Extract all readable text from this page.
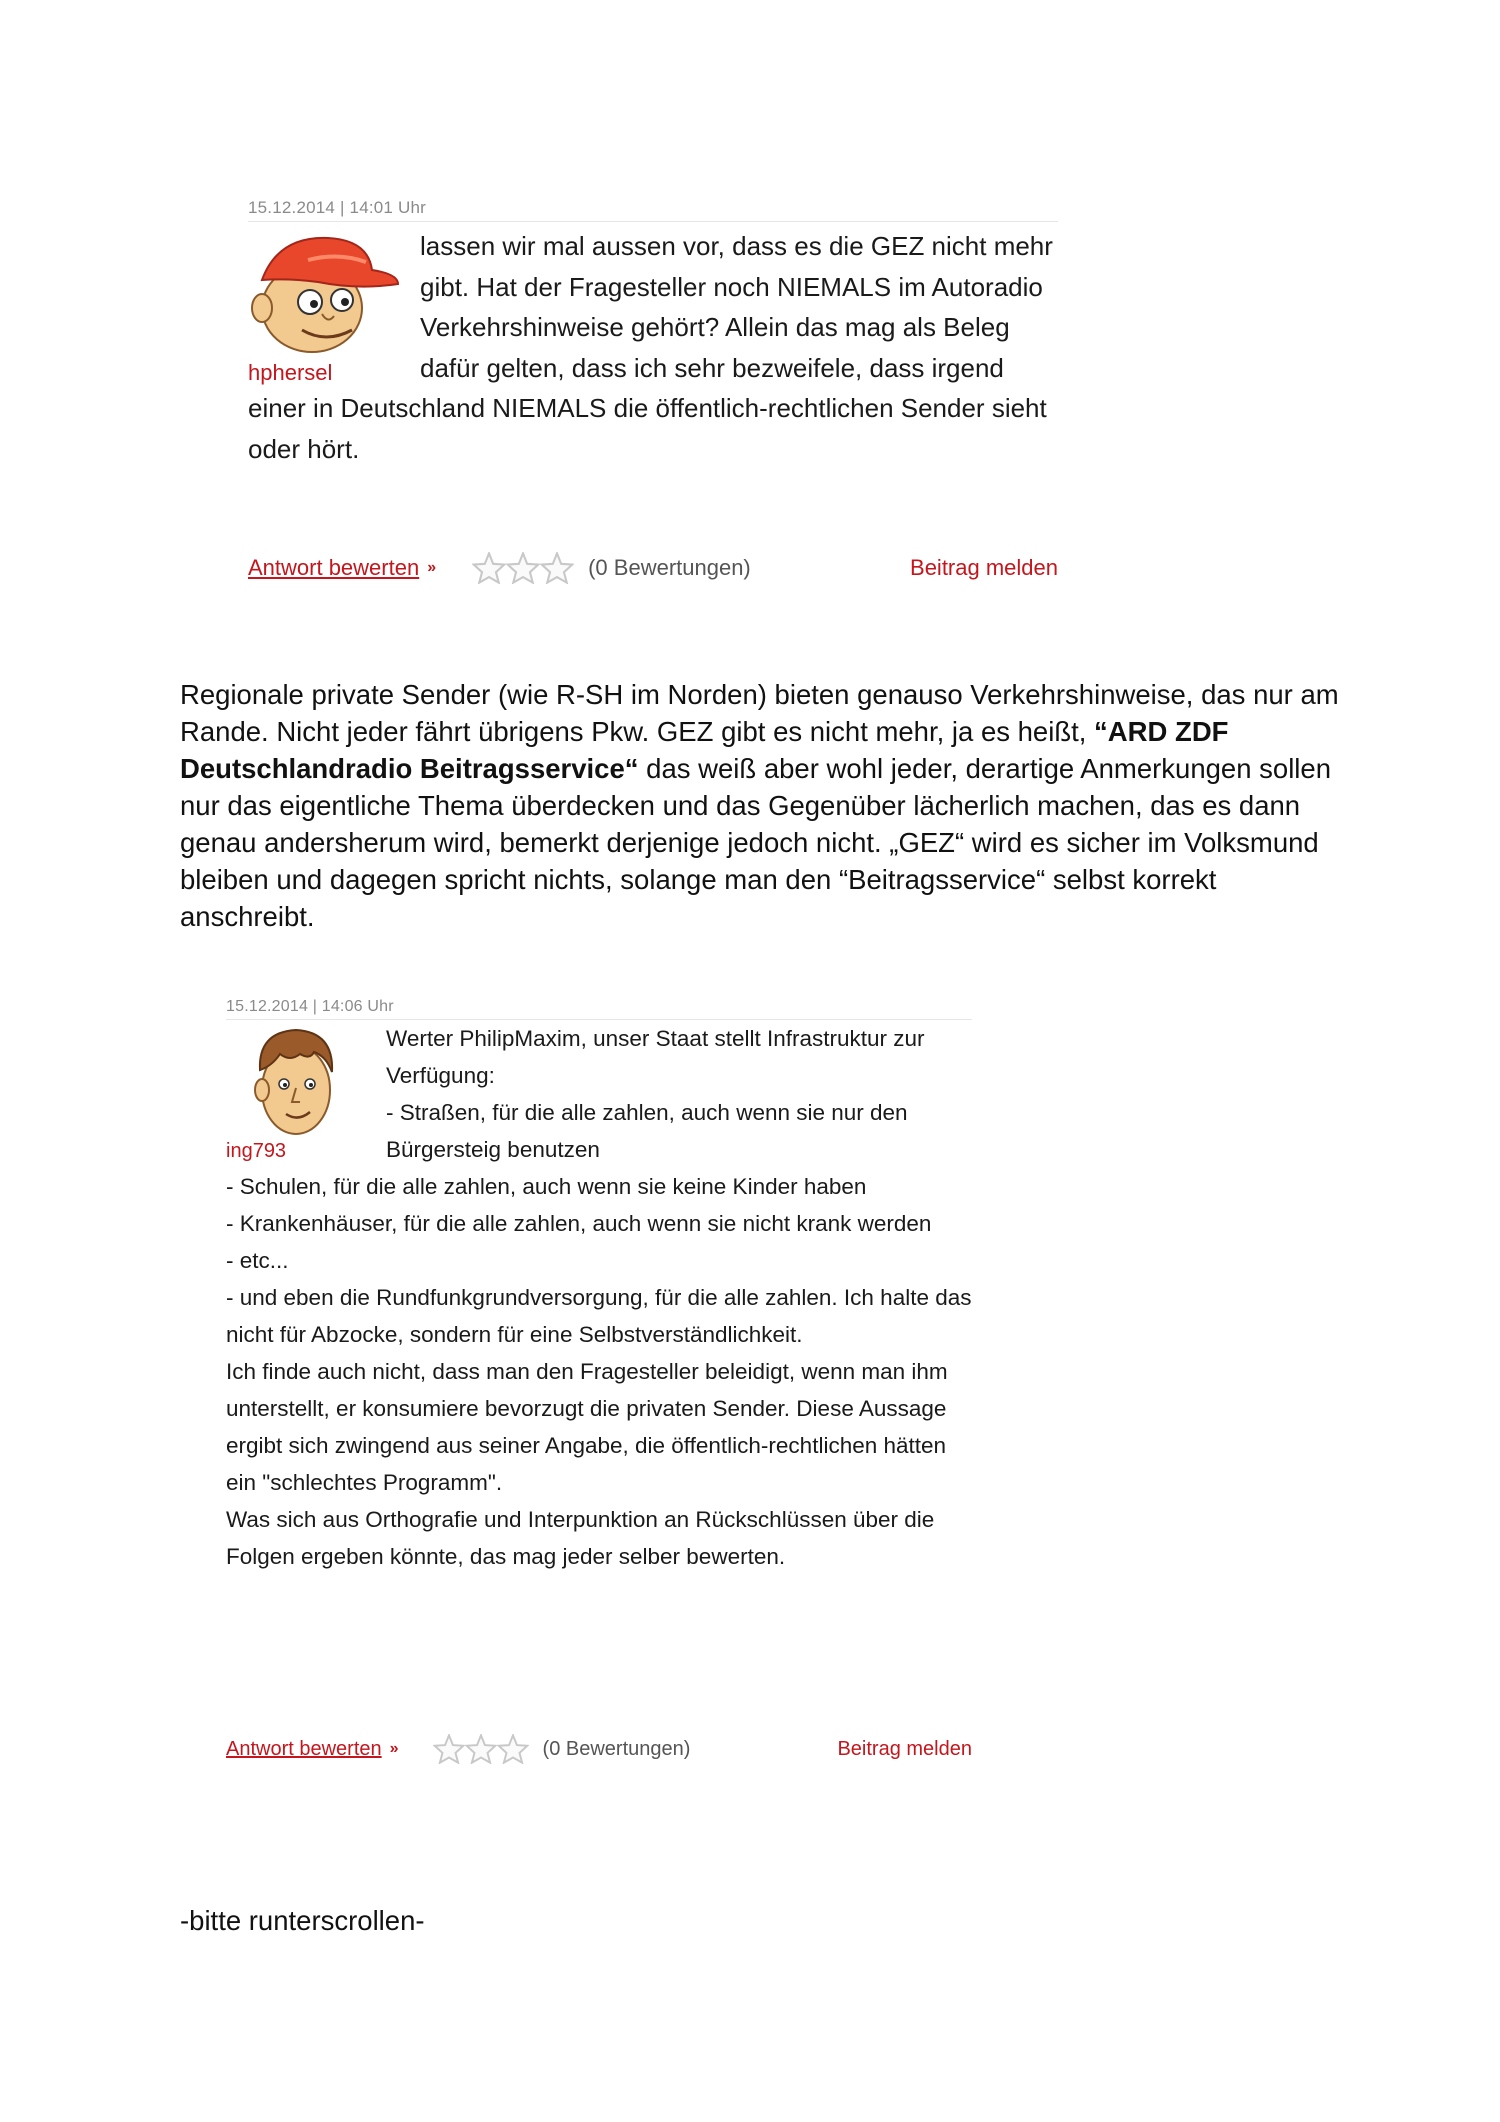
15.12.2014 | 14:01 Uhr
hphersel
lassen wir mal aussen vor, dass es die GEZ nicht mehr gibt. Hat der Fragesteller noch NIEMALS im Autoradio Verkehrshinweise gehört? Allein das mag als Beleg dafür gelten, dass ich sehr bezweifele, dass irgend einer in Deutschland NIEMALS die öffentlich-rechtlichen Sender sieht oder hört.
Antwort bewerten »	(0 Bewertungen)	Beitrag melden
Regionale private Sender (wie R-SH im Norden) bieten genauso Verkehrshinweise, das nur am Rande. Nicht jeder fährt übrigens Pkw. GEZ gibt es nicht mehr, ja es heißt, “ARD ZDF Deutschlandradio Beitragsservice“ das weiß aber wohl jeder, derartige Anmerkungen sollen nur das eigentliche Thema überdecken und das Gegenüber lächerlich machen, das es dann genau andersherum wird, bemerkt derjenige jedoch nicht. „GEZ“ wird es sicher im Volksmund bleiben und dagegen spricht nichts, solange man den “Beitragsservice“ selbst korrekt anschreibt.
15.12.2014 | 14:06 Uhr
ing793
Werter PhilipMaxim, unser Staat stellt Infrastruktur zur Verfügung:
- Straßen, für die alle zahlen, auch wenn sie nur den Bürgersteig benutzen
- Schulen, für die alle zahlen, auch wenn sie keine Kinder haben
- Krankenhäuser, für die alle zahlen, auch wenn sie nicht krank werden
- etc...
- und eben die Rundfunkgrundversorgung, für die alle zahlen. Ich halte das nicht für Abzocke, sondern für eine Selbstverständlichkeit.
Ich finde auch nicht, dass man den Fragesteller beleidigt, wenn man ihm unterstellt, er konsumiere bevorzugt die privaten Sender. Diese Aussage ergibt sich zwingend aus seiner Angabe, die öffentlich-rechtlichen hätten ein "schlechtes Programm".
Was sich aus Orthografie und Interpunktion an Rückschlüssen über die Folgen ergeben könnte, das mag jeder selber bewerten.
Antwort bewerten »	(0 Bewertungen)	Beitrag melden
-bitte runterscrollen-
